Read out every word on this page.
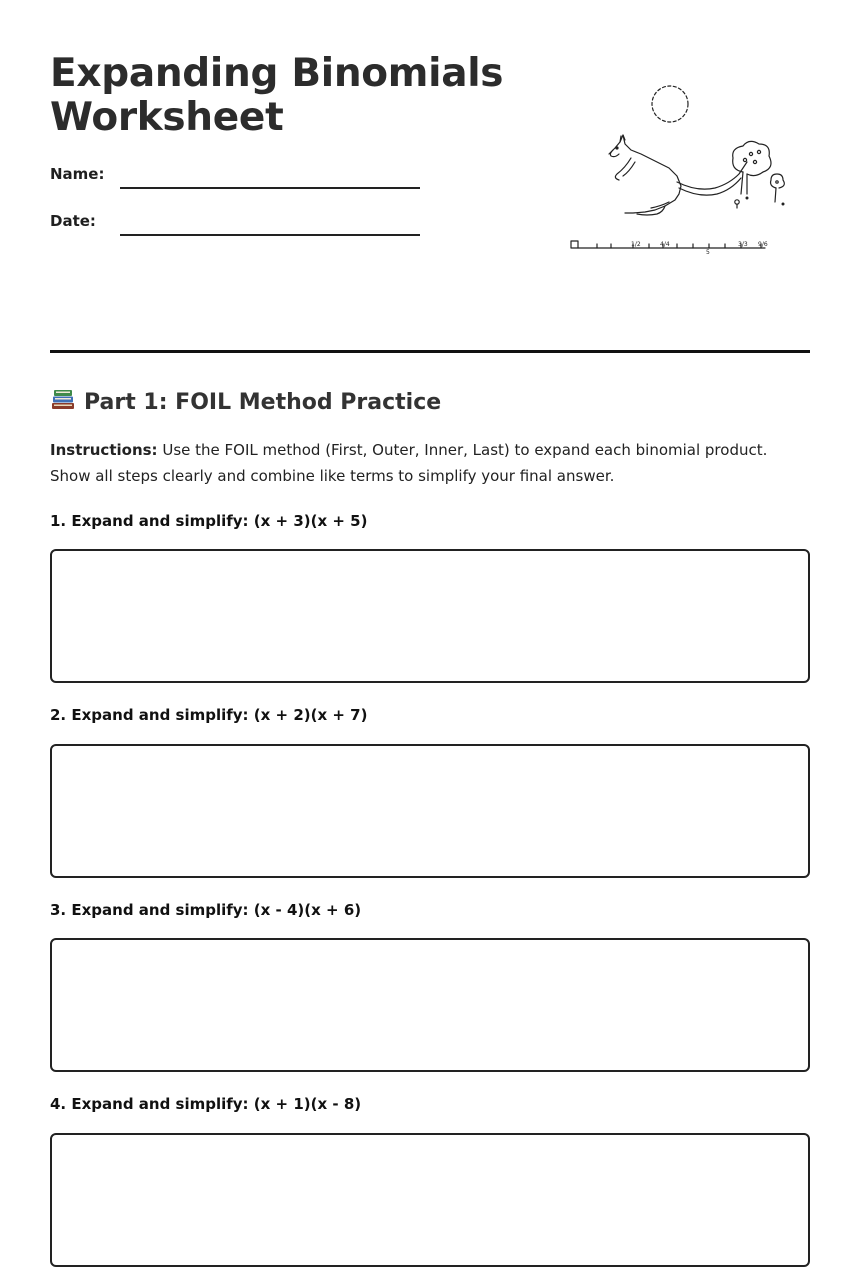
Expanding Binomials
Worksheet
Name:
Date:
1/2	4/4
5
3/3 9/6
Part 1: FOIL Method Practice

Instructions: Use the FOIL method (First, Outer, Inner, Last) to expand each binomial product. Show all steps clearly and combine like terms to simplify your final answer.

1. Expand and simplify: (x + 3)(x + 5)
2. Expand and simplify: (x + 2)(x + 7)
3. Expand and simplify: (x - 4)(x + 6)
4. Expand and simplify: (x + 1)(x - 8)
